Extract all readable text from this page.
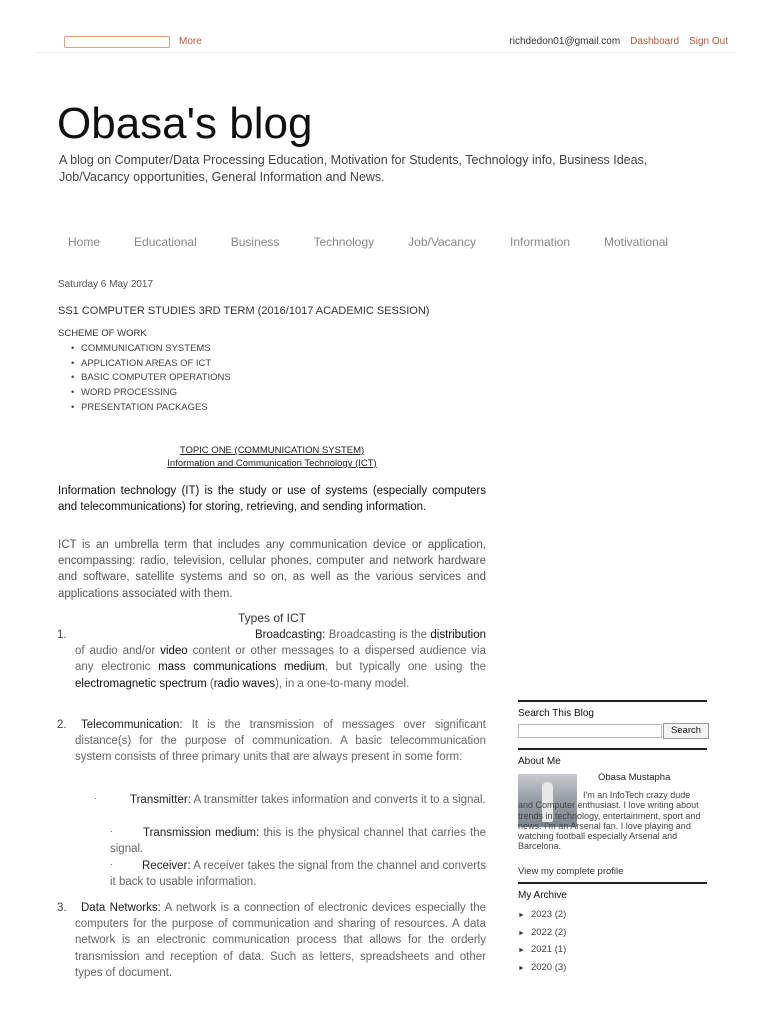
More	richdedon01@gmail.com Dashboard Sign Out
Obasa's blog
A blog on Computer/Data Processing Education, Motivation for Students, Technology info, Business Ideas, Job/Vacancy opportunities, General Information and News.
Home	Educational	Business	Technology	Job/Vacancy	Information	Motivational
Saturday 6 May 2017
SS1 COMPUTER STUDIES 3RD TERM (2016/1017 ACADEMIC SESSION)
SCHEME OF WORK
• COMMUNICATION SYSTEMS
• APPLICATION AREAS OF ICT
• BASIC COMPUTER OPERATIONS
• WORD PROCESSING
• PRESENTATION PACKAGES
TOPIC ONE (COMMUNICATION SYSTEM)
Information and Communication Technology (ICT)
Information technology (IT) is the study or use of systems (especially computers and telecommunications) for storing, retrieving, and sending information.
ICT is an umbrella term that includes any communication device or application, encompassing: radio, television, cellular phones, computer and network hardware and software, satellite systems and so on, as well as the various services and applications associated with them.
Types of ICT
1.	Broadcasting: Broadcasting is the distribution of audio and/or video content or other messages to a dispersed audience via any electronic mass communications medium, but typically one using the electromagnetic spectrum (radio waves), in a one-to-many model.
2. Telecommunication: It is the transmission of messages over significant distance(s) for the purpose of communication. A basic telecommunication system consists of three primary units that are always present in some form:
·	Transmitter: A transmitter takes information and converts it to a signal.
·	Transmission medium: this is the physical channel that carries the signal.
·	Receiver: A receiver takes the signal from the channel and converts it back to usable information.
3. Data Networks: A network is a connection of electronic devices especially the computers for the purpose of communication and sharing of resources. A data network is an electronic communication process that allows for the orderly transmission and reception of data. Such as letters, spreadsheets and other types of document.
Search This Blog
Search
About Me
Obasa Mustapha
I'm an InfoTech crazy dude and Computer enthusiast. I love writing about trends in technology, entertainment, sport and news. I'm an Arsenal fan. I love playing and watching football especially Arsenal and Barcelona.
View my complete profile
My Archive
► 2023 (2)
► 2022 (2)
► 2021 (1)
► 2020 (3)
